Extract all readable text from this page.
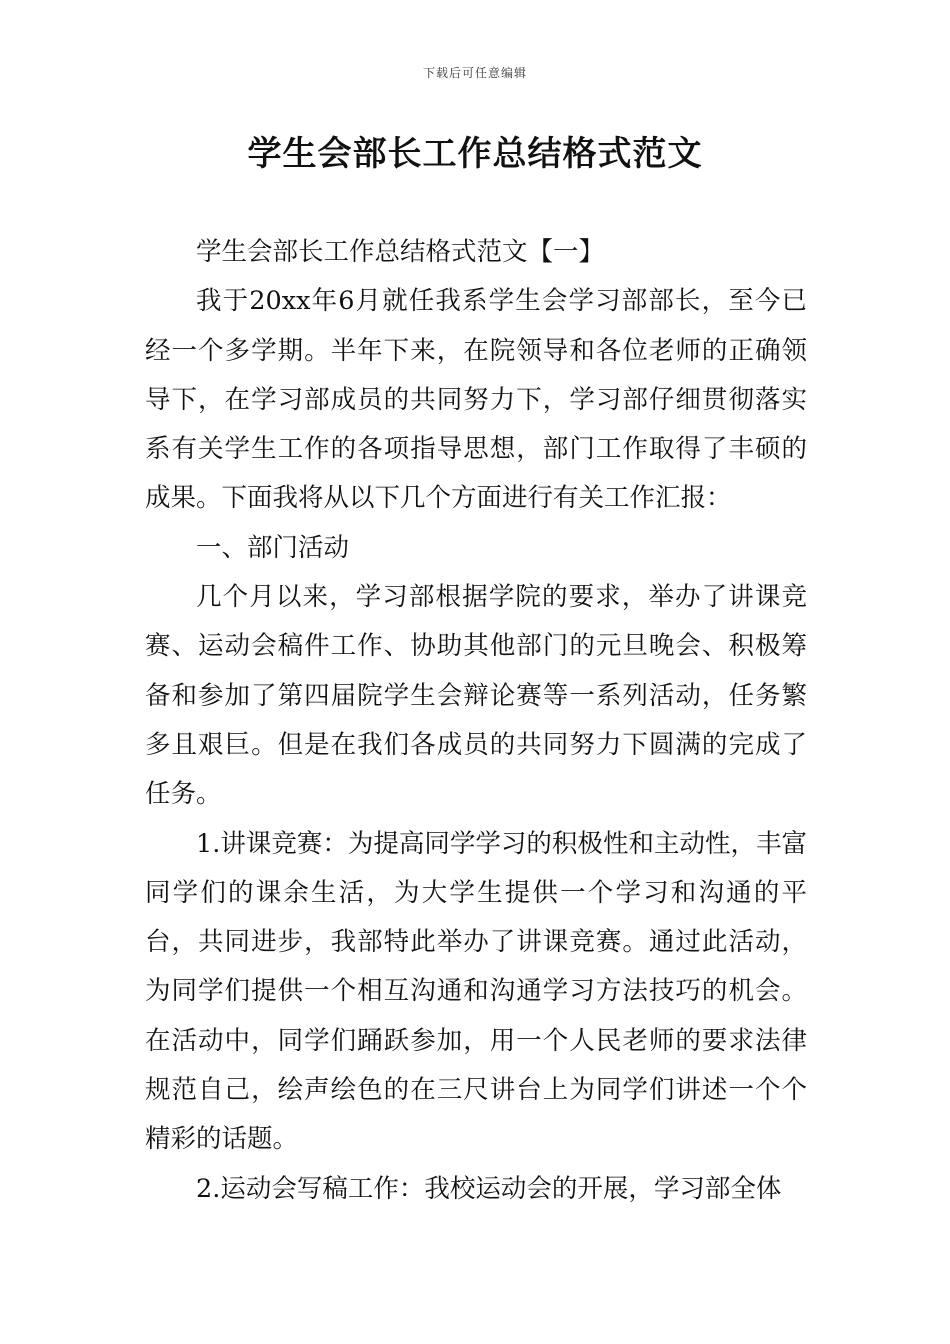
下载后可任意编辑
学生会部长工作总结格式范文

学生会部长工作总结格式范文【一】

我于20xx年6月就任我系学生会学习部部长，至今已经一个多学期。半年下来，在院领导和各位老师的正确领导下，在学习部成员的共同努力下，学习部仔细贯彻落实系有关学生工作的各项指导思想，部门工作取得了丰硕的成果。下面我将从以下几个方面进行有关工作汇报：

一、部门活动

几个月以来，学习部根据学院的要求，举办了讲课竞赛、运动会稿件工作、协助其他部门的元旦晚会、积极筹备和参加了第四届院学生会辩论赛等一系列活动，任务繁多且艰巨。但是在我们各成员的共同努力下圆满的完成了任务。

1.讲课竞赛：为提高同学学习的积极性和主动性，丰富同学们的课余生活，为大学生提供一个学习和沟通的平台，共同进步，我部特此举办了讲课竞赛。通过此活动，为同学们提供一个相互沟通和沟通学习方法技巧的机会。在活动中，同学们踊跃参加，用一个人民老师的要求法律规范自己，绘声绘色的在三尺讲台上为同学们讲述一个个精彩的话题。

2.运动会写稿工作：我校运动会的开展，学习部全体
